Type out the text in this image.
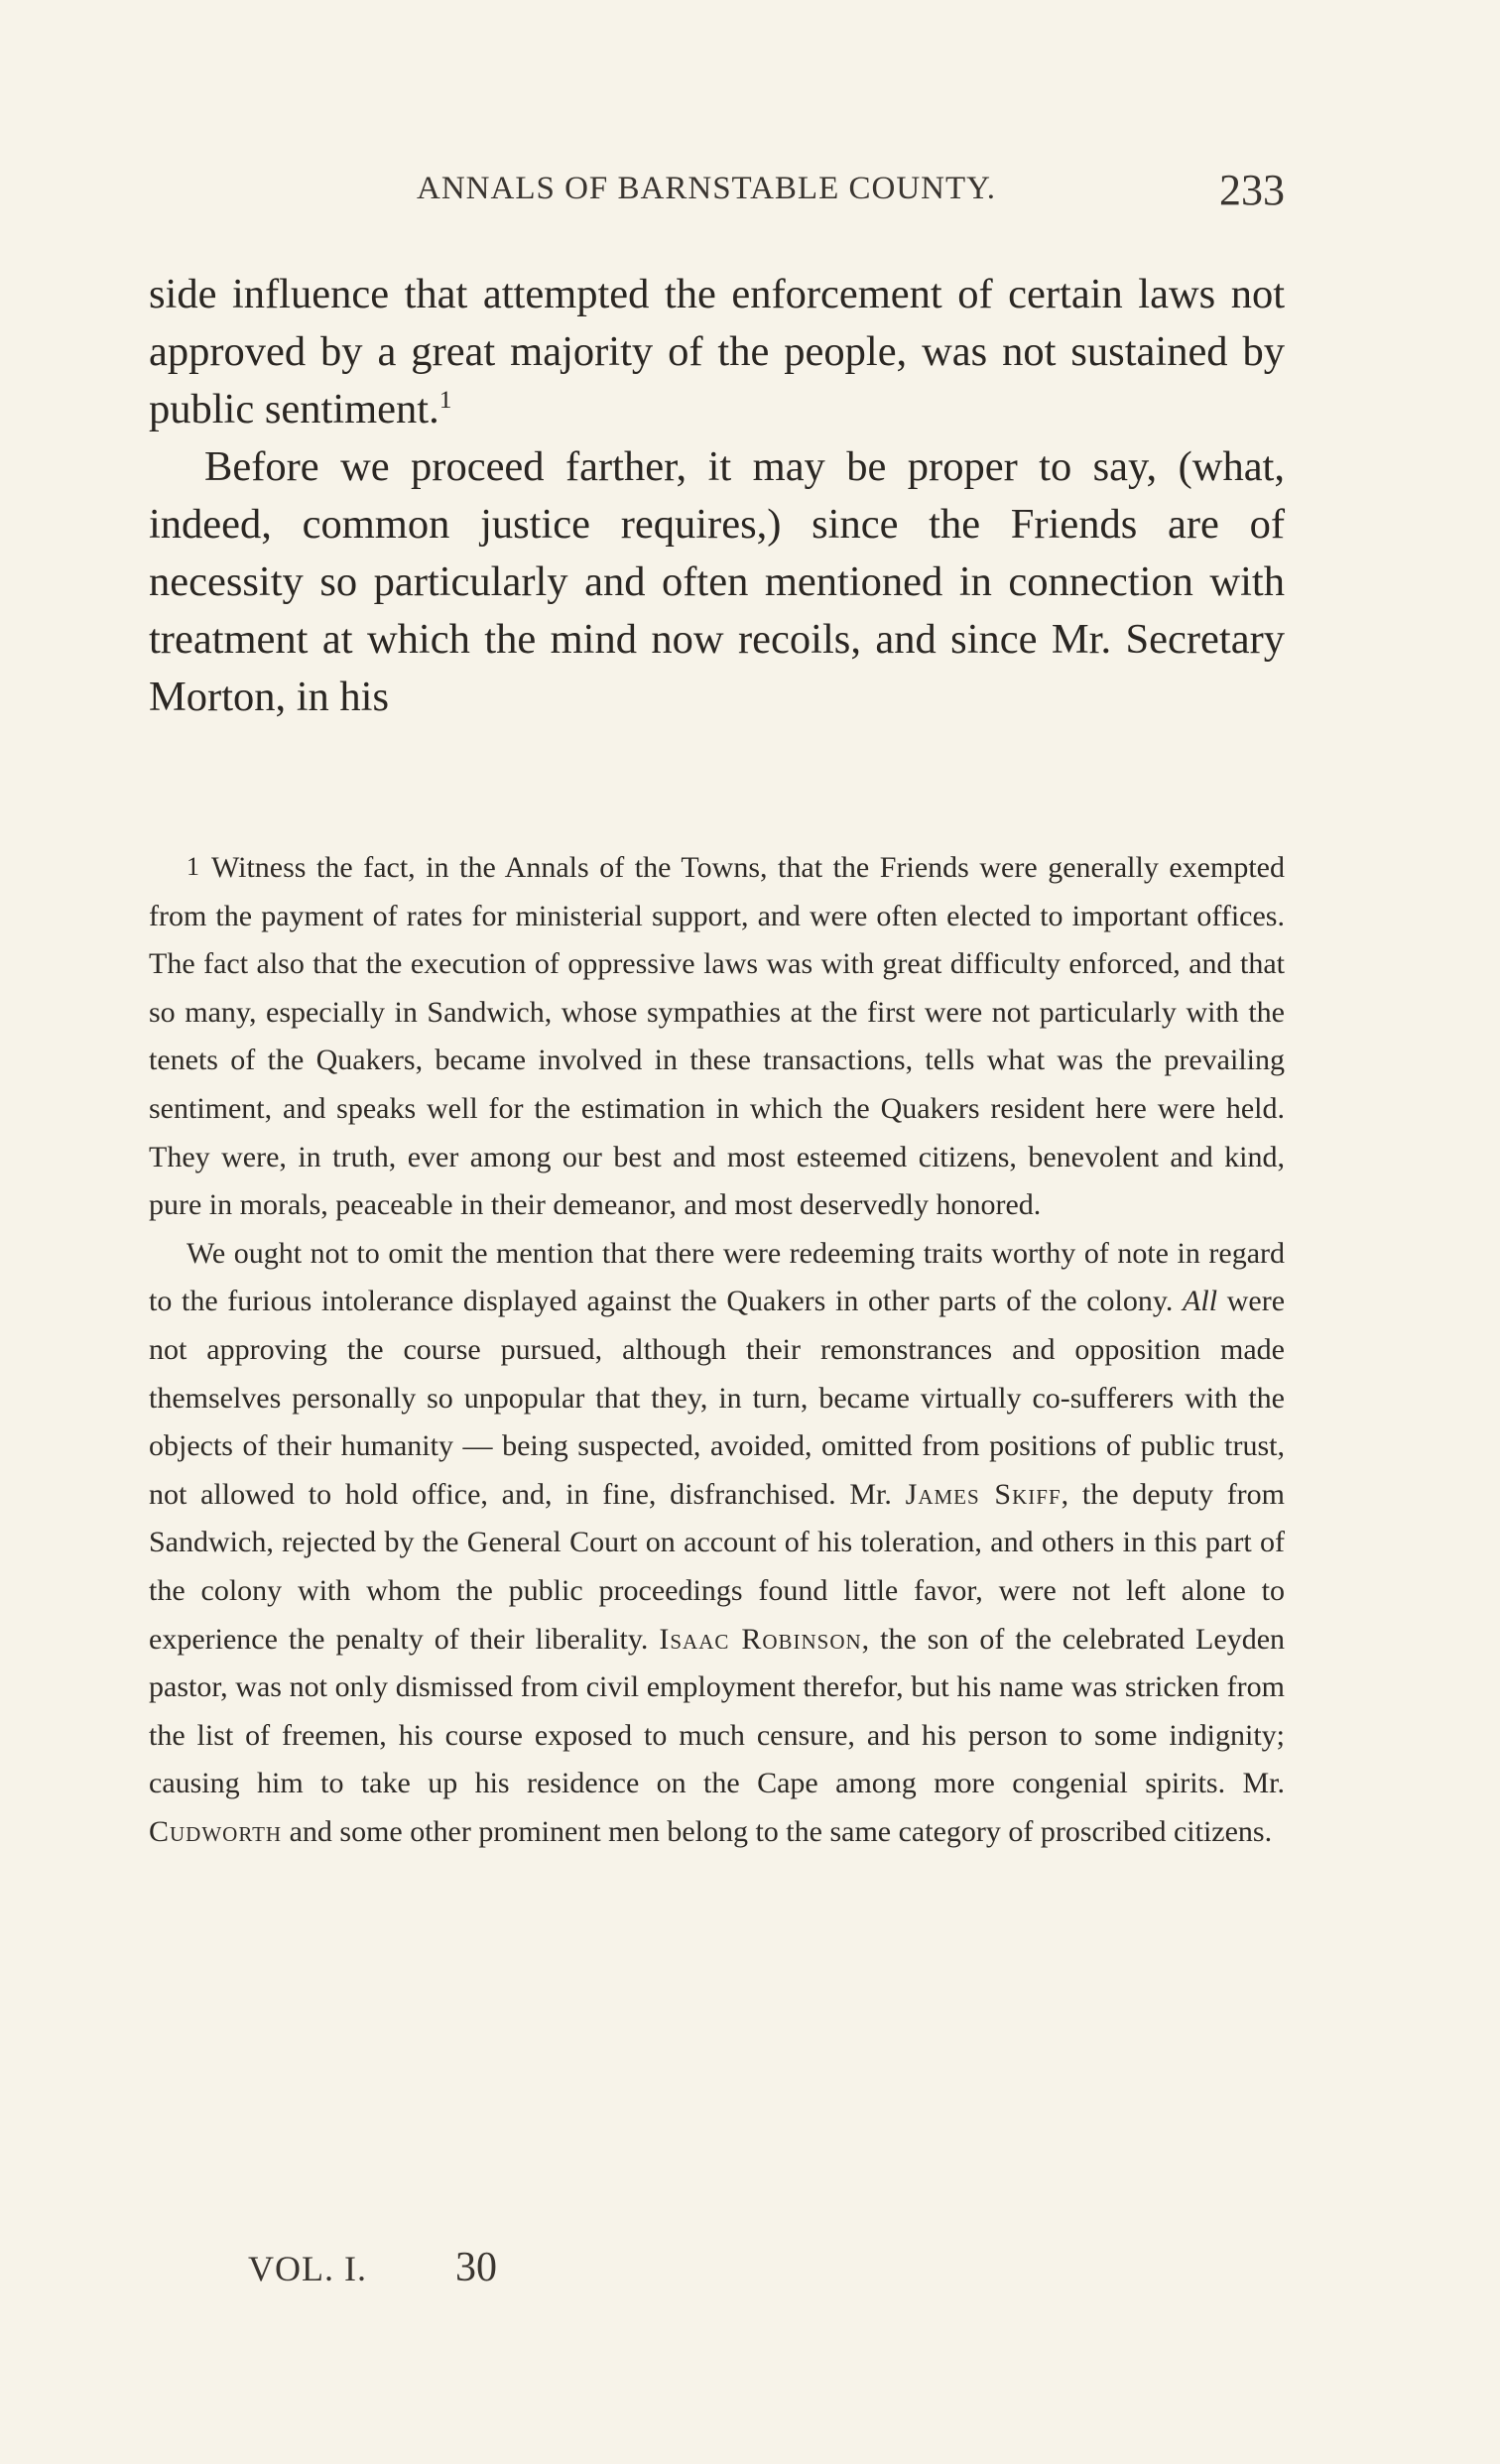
ANNALS OF BARNSTABLE COUNTY.	233

side influence that attempted the enforcement of certain laws not approved by a great majority of the people, was not sustained by public sentiment.$^1$

Before we proceed farther, it may be proper to say, (what, indeed, common justice requires,) since the Friends are of necessity so particularly and often mentioned in connection with treatment at which the mind now recoils, and since Mr. Secretary Morton, in his

1 Witness the fact, in the Annals of the Towns, that the Friends were generally exempted from the payment of rates for ministerial support, and were often elected to important offices. The fact also that the execution of oppressive laws was with great difficulty enforced, and that so many, especially in Sandwich, whose sympathies at the first were not particularly with the tenets of the Quakers, became involved in these transactions, tells what was the prevailing sentiment, and speaks well for the estimation in which the Quakers resident here were held. They were, in truth, ever among our best and most esteemed citizens, benevolent and kind, pure in morals, peaceable in their demeanor, and most deservedly honored.

We ought not to omit the mention that there were redeeming traits worthy of note in regard to the furious intolerance displayed against the Quakers in other parts of the colony. All were not approving the course pursued, although their remonstrances and opposition made themselves personally so unpopular that they, in turn, became virtually co-sufferers with the objects of their humanity — being suspected, avoided, omitted from positions of public trust, not allowed to hold office, and, in fine, disfranchised. Mr. James Skiff, the deputy from Sandwich, rejected by the General Court on account of his toleration, and others in this part of the colony with whom the public proceedings found little favor, were not left alone to experience the penalty of their liberality. Isaac Robinson, the son of the celebrated Leyden pastor, was not only dismissed from civil employment therefor, but his name was stricken from the list of freemen, his course exposed to much censure, and his person to some indignity; causing him to take up his residence on the Cape among more congenial spirits. Mr. Cudworth and some other prominent men belong to the same category of proscribed citizens.

VOL. I. 30
